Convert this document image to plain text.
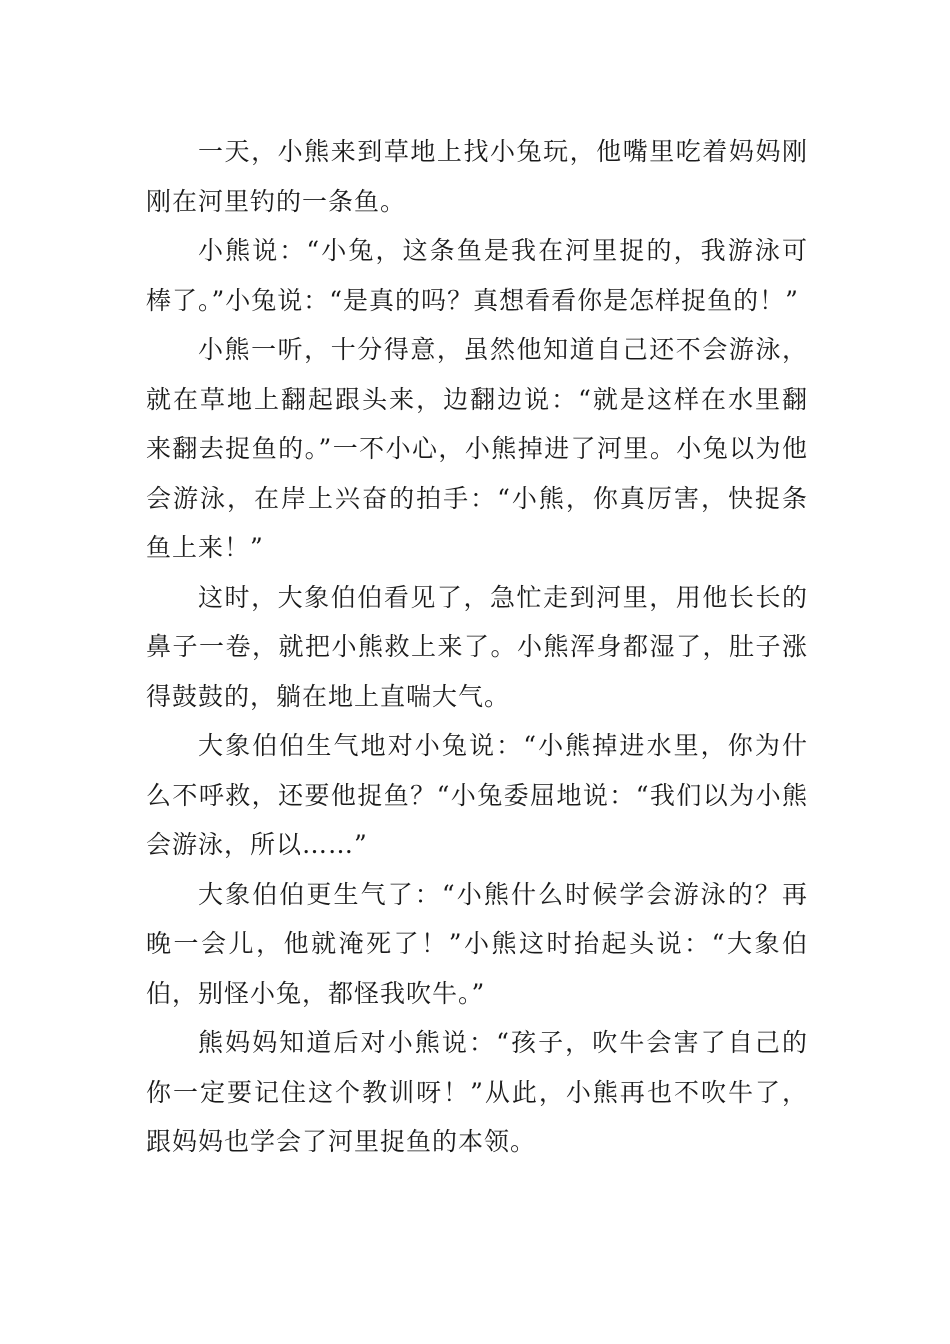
一天，小熊来到草地上找小兔玩，他嘴里吃着妈妈刚刚在河里钓的一条鱼。

小熊说：“小兔，这条鱼是我在河里捉的，我游泳可棒了。”小兔说：“是真的吗？真想看看你是怎样捉鱼的！”

小熊一听，十分得意，虽然他知道自己还不会游泳，就在草地上翻起跟头来，边翻边说：“就是这样在水里翻来翻去捉鱼的。”一不小心，小熊掉进了河里。小兔以为他会游泳，在岸上兴奋的拍手：“小熊，你真厉害，快捉条鱼上来！”

这时，大象伯伯看见了，急忙走到河里，用他长长的鼻子一卷，就把小熊救上来了。小熊浑身都湿了，肚子涨得鼓鼓的，躺在地上直喘大气。

大象伯伯生气地对小兔说：“小熊掉进水里，你为什么不呼救，还要他捉鱼？“小兔委屈地说：“我们以为小熊会游泳，所以……”

大象伯伯更生气了：“小熊什么时候学会游泳的？再晚一会儿，他就淹死了！”小熊这时抬起头说：“大象伯伯，别怪小兔，都怪我吹牛。”

熊妈妈知道后对小熊说：“孩子，吹牛会害了自己的你一定要记住这个教训呀！”从此，小熊再也不吹牛了，跟妈妈也学会了河里捉鱼的本领。
